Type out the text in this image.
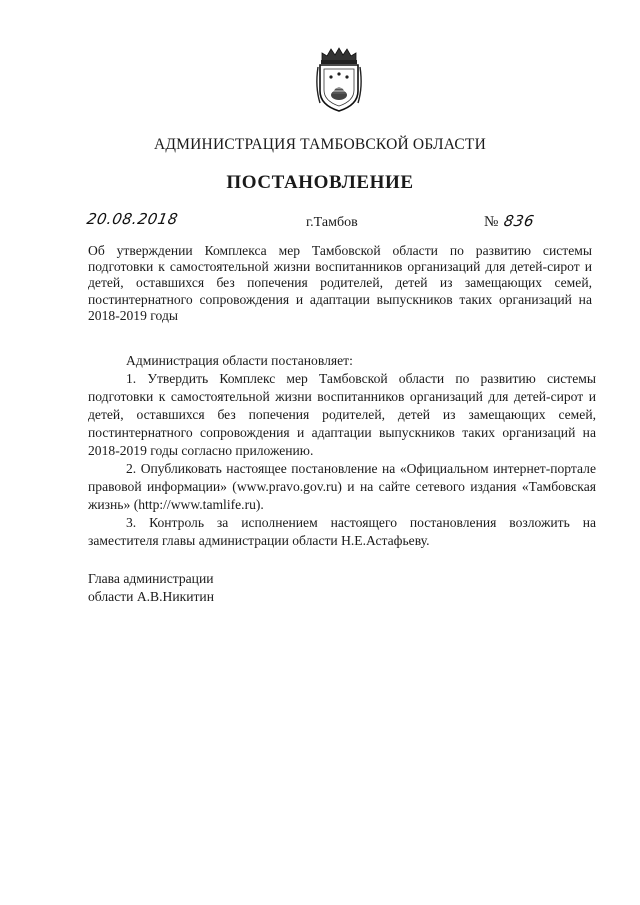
АДМИНИСТРАЦИЯ ТАМБОВСКОЙ ОБЛАСТИ
ПОСТАНОВЛЕНИЕ
20.08.2018	г.Тамбов	№ 836
Об утверждении Комплекса мер Тамбовской области по развитию системы подготовки к самостоятельной жизни воспитанников организаций для детей-сирот и детей, оставшихся без попечения родителей, детей из замещающих семей, постинтернатного сопровождения и адаптации выпускников таких организаций на 2018-2019 годы

Администрация области постановляет:

1. Утвердить Комплекс мер Тамбовской области по развитию системы подготовки к самостоятельной жизни воспитанников организаций для детей-сирот и детей, оставшихся без попечения родителей, детей из замещающих семей, постинтернатного сопровождения и адаптации выпускников таких организаций на 2018-2019 годы согласно приложению.

2. Опубликовать настоящее постановление на «Официальном интернет-портале правовой информации» (www.pravo.gov.ru) и на сайте сетевого издания «Тамбовская жизнь» (http://www.tamlife.ru).

3. Контроль за исполнением настоящего постановления возложить на заместителя главы администрации области Н.Е.Астафьеву.

Глава администрации
области А.В.Никитин
